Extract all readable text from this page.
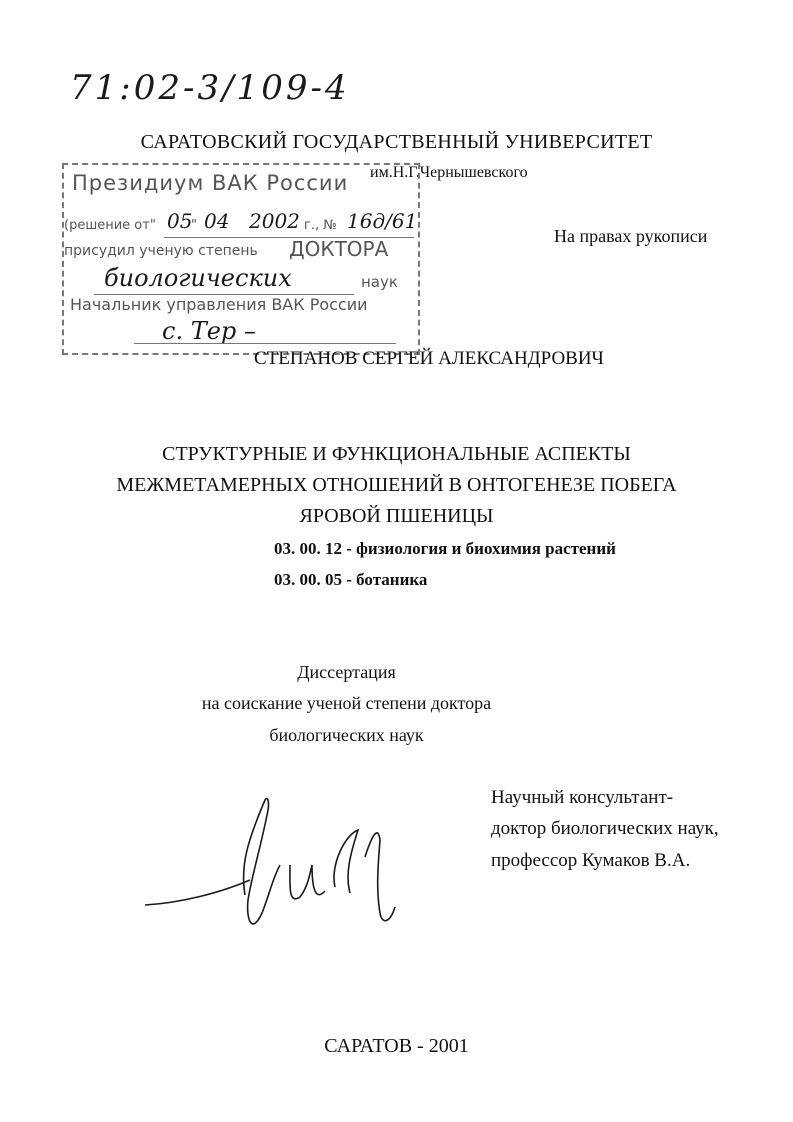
71:02-3/109-4
САРАТОВСКИЙ ГОСУДАРСТВЕННЫЙ УНИВЕРСИТЕТ
им.Н.Г.Чернышевского
На правах рукописи
Президиум ВАК России
(решение от" 05
" 04 2002 г., № 16д/61
присудил ученую степень ДОКТОРА
биологических	наук
Начальник управления ВАК России
с. Тер –
СТЕПАНОВ СЕРГЕЙ АЛЕКСАНДРОВИЧ
СТРУКТУРНЫЕ И ФУНКЦИОНАЛЬНЫЕ АСПЕКТЫ
МЕЖМЕТАМЕРНЫХ ОТНОШЕНИЙ В ОНТОГЕНЕЗЕ ПОБЕГА
ЯРОВОЙ ПШЕНИЦЫ
03. 00. 12 - физиология и биохимия растений
03. 00. 05 - ботаника
Диссертация
на соискание ученой степени доктора
биологических наук
Научный консультант-
доктор биологических наук,
профессор Кумаков В.А.
САРАТОВ - 2001
